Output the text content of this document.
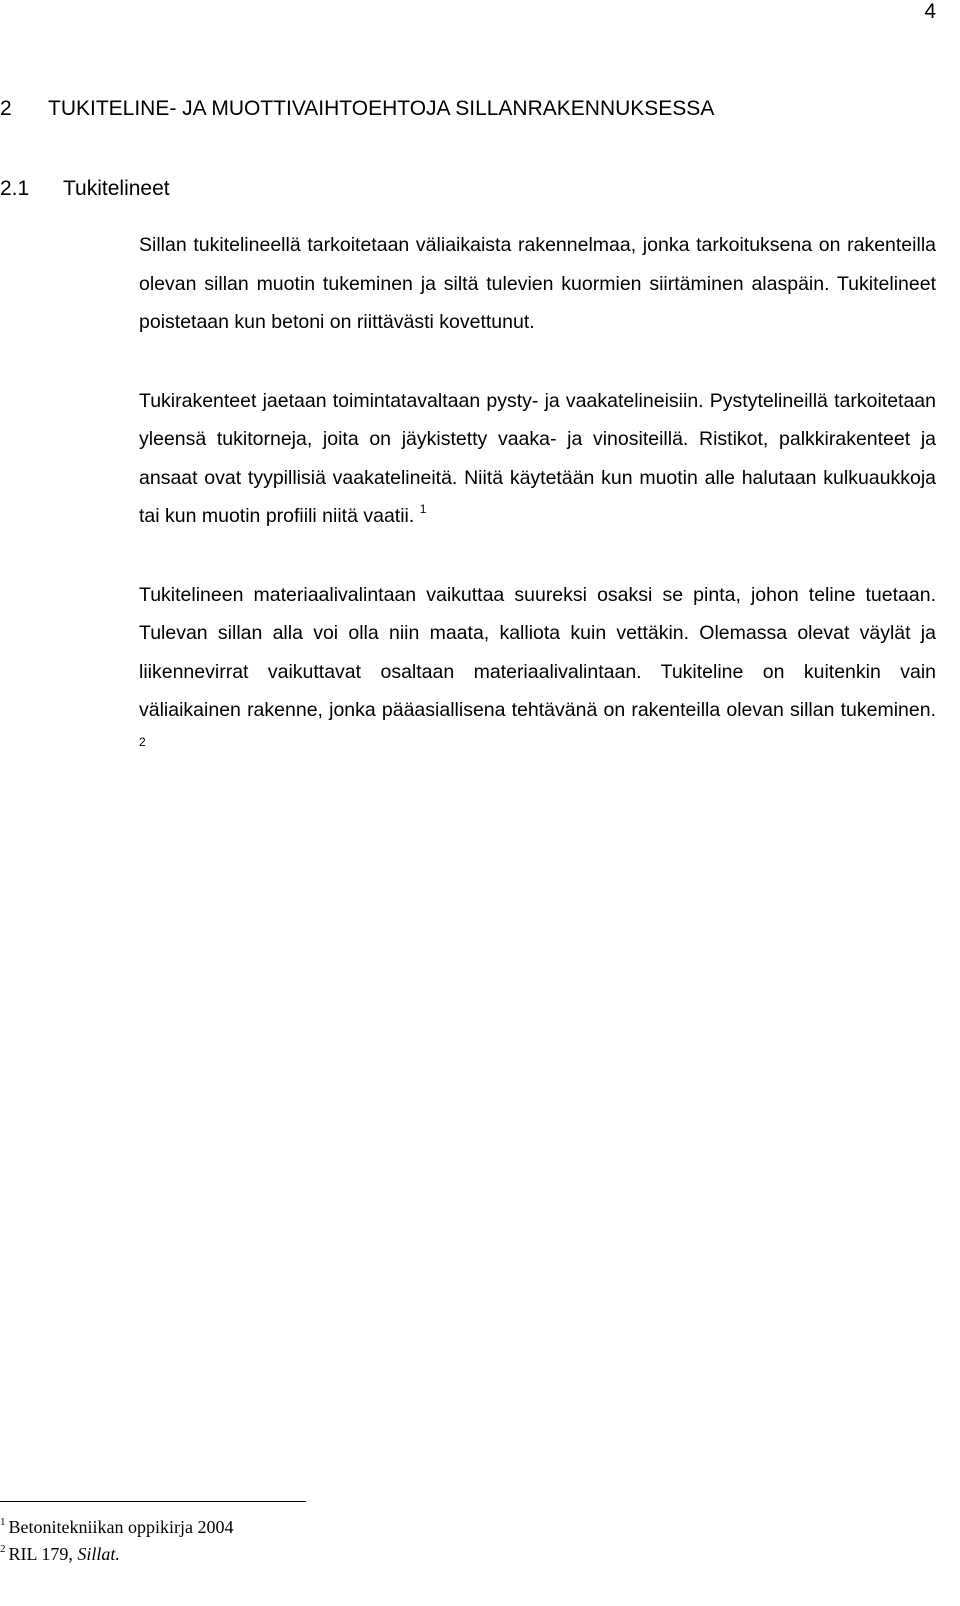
4
2 TUKITELINE- JA MUOTTIVAIHTOEHTOJA SILLANRAKENNUKSESSA
2.1 Tukitelineet

Sillan tukitelineellä tarkoitetaan väliaikaista rakennelmaa, jonka tarkoituksena on rakenteilla olevan sillan muotin tukeminen ja siltä tulevien kuormien siirtäminen alaspäin. Tukitelineet poistetaan kun betoni on riittävästi kovettunut.

Tukirakenteet jaetaan toimintatavaltaan pysty- ja vaakatelineisiin. Pystytelineillä tarkoitetaan yleensä tukitorneja, joita on jäykistetty vaaka- ja vinositeillä. Ristikot, palkkirakenteet ja ansaat ovat tyypillisiä vaakatelineitä. Niitä käytetään kun muotin alle halutaan kulkuaukkoja tai kun muotin profiili niitä vaatii. $^1$

Tukitelineen materiaalivalintaan vaikuttaa suureksi osaksi se pinta, johon teline tuetaan. Tulevan sillan alla voi olla niin maata, kalliota kuin vettäkin. Olemassa olevat väylät ja liikennevirrat vaikuttavat osaltaan materiaalivalintaan. Tukiteline on kuitenkin vain väliaikainen rakenne, jonka pääasiallisena tehtävänä on rakenteilla olevan sillan tukeminen. $^2$

$^1$ Betonitekniikan oppikirja 2004
$^2$ RIL 179, Sillat.
